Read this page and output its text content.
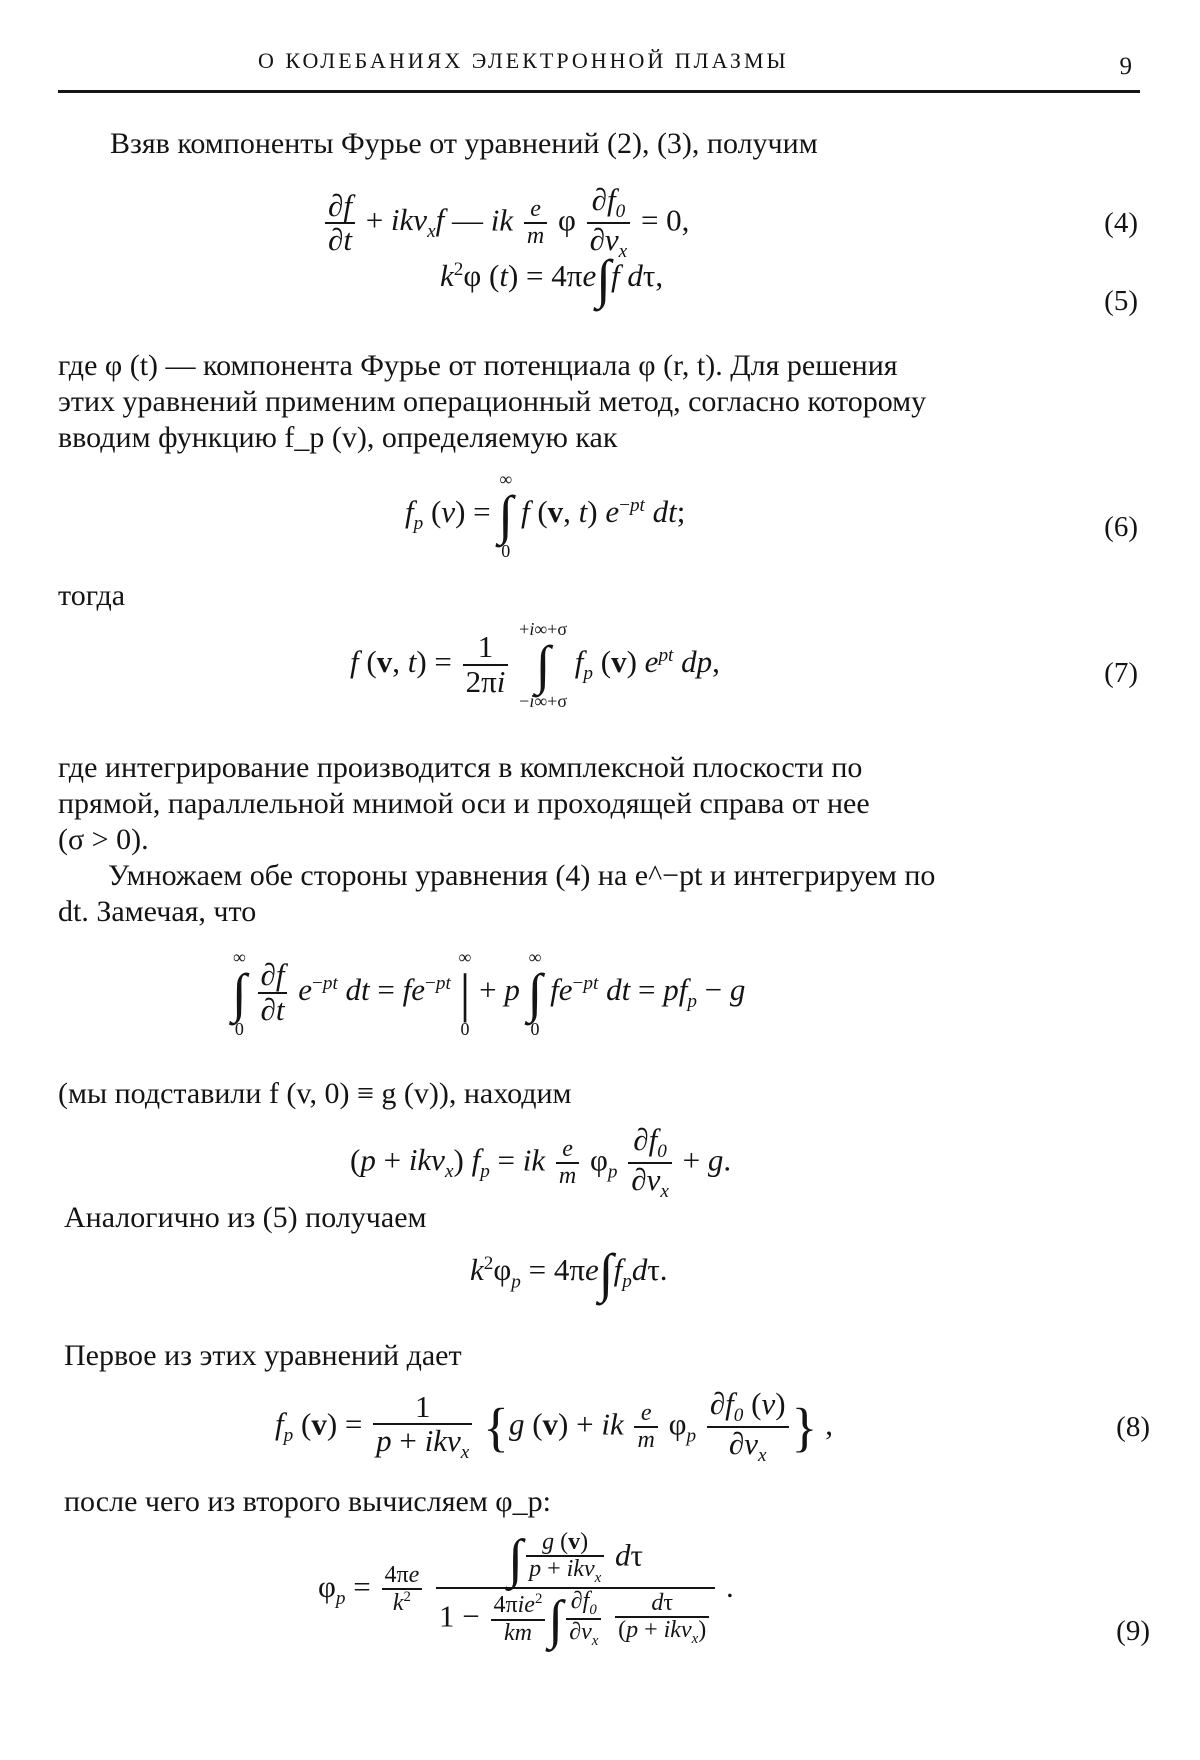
О КОЛЕБАНИЯХ ЭЛЕКТРОННОЙ ПЛАЗМЫ	9
Взяв компоненты Фурье от уравнений (2), (3), получим
$\frac{\partial f}{\partial t} + ikv_xf$ — ik $\frac{e}{m}$ φ $\frac{\partial f_0}{\partial v_x} = 0$,	(4)
$k^2\varphi$ (t) = 4πe∫f dτ,
(5)
где φ (t) — компонента Фурье от потенциала φ (r, t). Для решения
этих уравнений применим операционный метод, согласно которому
вводим функцию f_p (v), определяемую как
$f_p$ (v) =
∞
∫
0
f (v, t) $e^{-pt}$ dt;	(6)
тогда
f (v, $t) = \frac{1}{2\pi i}$

+i∞+σ
∫
−i∞+σ
$f_p$ (v) $e^{pt}$ dp,	(7)
где интегрирование производится в комплексной плоскости по
прямой, параллельной мнимой оси и проходящей справа от нее
(σ > 0).
Умножаем обе стороны уравнения (4) на e^−pt и интегрируем по
dt. Замечая, что
∞
∫
0

$\frac{\partial f}{\partial t} e^{-pt}$ dt = $fe^{-pt}$
∞
|
0
+ p
∞
∫
0
$fe^{-pt}$ dt = $pf_p - g$
(мы подставили f (v, 0) ≡ g (v)), находим
(p + ikv$_x$) $f_p$ = ik $\frac{e}{m} \varphi_p \frac{\partial f_0}{\partial v_x} + g$.
Аналогично из (5) получаем
$k^2\varphi_p = 4\pi e\int f_pd\tau$.
Первое из этих уравнений дает
$f_p$ $(v) = \frac{1}{p + ikv_x} \{g$ (v) + ik $\frac{e}{m} \varphi_p \frac{\partial f_0 (v)}{\partial v_x}$ } ,	(8)
после чего из второго вычисляем φ_p:
$\varphi_p = \frac{4\pi e}{k^2}$
∫ $\frac{g (v)}{p + ikv_x}$ dτ
$1 - \frac{4\pi ie^2}{km}$ ∫ $\frac{\partial f_0}{\partial v_x}$
$\frac{d\tau}{(p + ikv_x)}$ .
(9)
